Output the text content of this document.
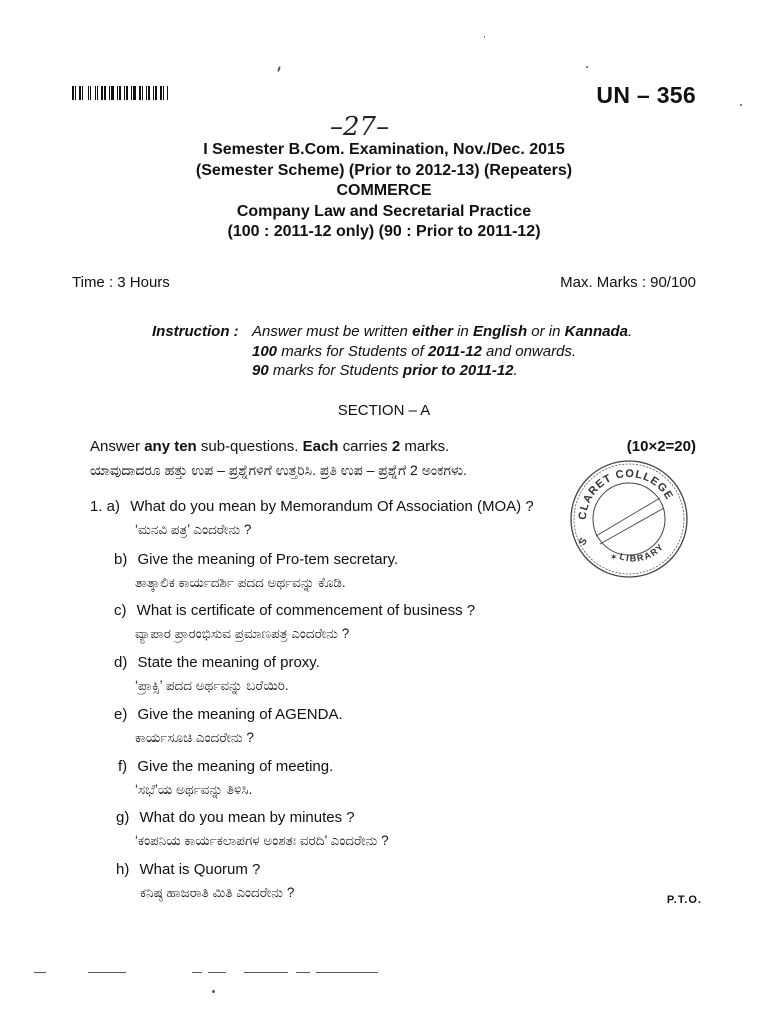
UN – 356
–27–
I Semester B.Com. Examination, Nov./Dec. 2015
(Semester Scheme) (Prior to 2012-13) (Repeaters)
COMMERCE
Company Law and Secretarial Practice
(100 : 2011-12 only) (90 : Prior to 2011-12)
Time : 3 Hours	Max. Marks : 90/100
Instruction : Answer must be written either in English or in Kannada.
100 marks for Students of 2011-12 and onwards.
90 marks for Students prior to 2011-12.
SECTION – A
Answer any ten sub-questions. Each carries 2 marks.
ಯಾವುದಾದರೂ ಹತ್ತು ಉಪ – ಪ್ರಶ್ನೆಗಳಿಗೆ ಉತ್ತರಿಸಿ. ಪ್ರತಿ ಉಪ – ಪ್ರಶ್ನೆಗೆ 2 ಅಂಕಗಳು.
(10×2=20)
1. a) What do you mean by Memorandum Of Association (MOA) ?
‘ಮನವಿ ಪತ್ರ’ ಎಂದರೇನು ?
b) Give the meaning of Pro-tem secretary.
ತಾತ್ಕಾಲಿಕ ಕಾರ್ಯದರ್ಶಿ ಪದದ ಅರ್ಥವನ್ನು ಕೊಡಿ.
c) What is certificate of commencement of business ?
ವ್ಯಾಪಾರ ಪ್ರಾರಂಭಿಸುವ ಪ್ರಮಾಣಪತ್ರ ಎಂದರೇನು ?
d) State the meaning of proxy.
‘ಪ್ರಾಕ್ಸಿ’ ಪದದ ಅರ್ಥವನ್ನು ಬರೆಯಿರಿ.
e) Give the meaning of AGENDA.
ಕಾರ್ಯಸೂಚಿ ಎಂದರೇನು ?
f) Give the meaning of meeting.
‘ಸಭೆ’ಯ ಅರ್ಥವನ್ನು ತಿಳಿಸಿ.
g) What do you mean by minutes ?
‘ಕಂಪನಿಯ ಕಾರ್ಯಕಲಾಪಗಳ ಅಂಶತಃ ವರದಿ’ ಎಂದರೇನು ?
h) What is Quorum ?
ಕನಿಷ್ಠ ಹಾಜರಾತಿ ಮಿತಿ ಎಂದರೇನು ?
CLARET COLLEGE
LIBRARY
S
✶
P.T.O.
